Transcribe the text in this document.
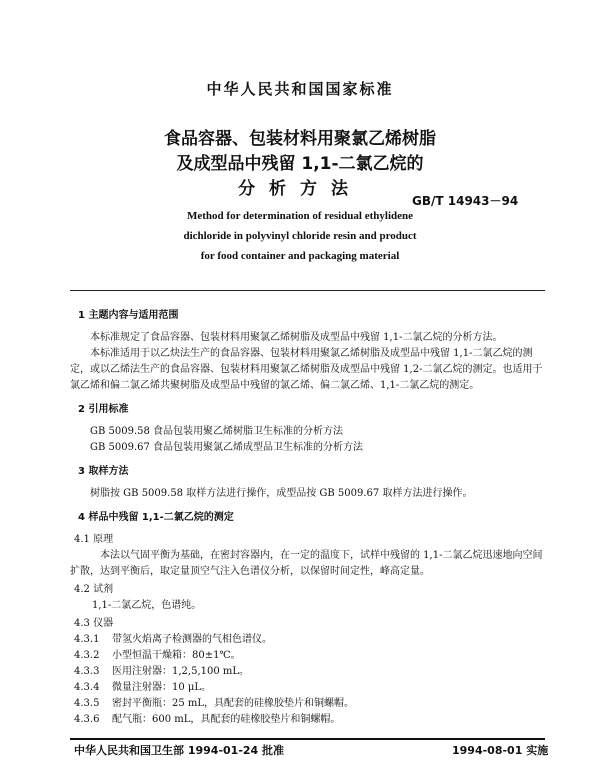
中华人民共和国国家标准
食品容器、包装材料用聚氯乙烯树脂
及成型品中残留 1,1-二氯乙烷的
分析方法
GB/T 14943－94
Method for determination of residual ethylidene
dichloride in polyvinyl chloride resin and product
for food container and packaging material
1 主题内容与适用范围

本标准规定了食品容器、包装材料用聚氯乙烯树脂及成型品中残留 1,1-二氯乙烷的分析方法。

本标准适用于以乙炔法生产的食品容器、包装材料用聚氯乙烯树脂及成型品中残留 1,1-二氯乙烷的测定，或以乙烯法生产的食品容器、包装材料用聚氯乙烯树脂及成型品中残留 1,2-二氯乙烷的测定。也适用于氯乙烯和偏二氯乙烯共聚树脂及成型品中残留的氯乙烯、偏二氯乙烯、1,1-二氯乙烷的测定。

2 引用标准
GB 5009.58 食品包装用聚乙烯树脂卫生标准的分析方法
GB 5009.67 食品包装用聚氯乙烯成型品卫生标准的分析方法
3 取样方法

树脂按 GB 5009.58 取样方法进行操作，成型品按 GB 5009.67 取样方法进行操作。

4 样品中残留 1,1-二氯乙烷的测定
4.1 原理

本法以气固平衡为基础，在密封容器内，在一定的温度下，试样中残留的 1,1-二氯乙烷迅速地向空间扩散，达到平衡后，取定量顶空气注入色谱仪分析，以保留时间定性，峰高定量。

4.2 试剂
1,1-二氯乙烷，色谱纯。
4.3 仪器
4.3.1	带氢火焰离子检测器的气相色谱仪。
4.3.2	小型恒温干燥箱：80±1℃。
4.3.3	医用注射器：1,2,5,100 mL。
4.3.4	微量注射器：10 μL。
4.3.5	密封平衡瓶：25 mL，具配套的硅橡胶垫片和铜螺帽。
4.3.6	配气瓶：600 mL，具配套的硅橡胶垫片和铜螺帽。
中华人民共和国卫生部 1994-01-24 批准	1994-08-01 实施
